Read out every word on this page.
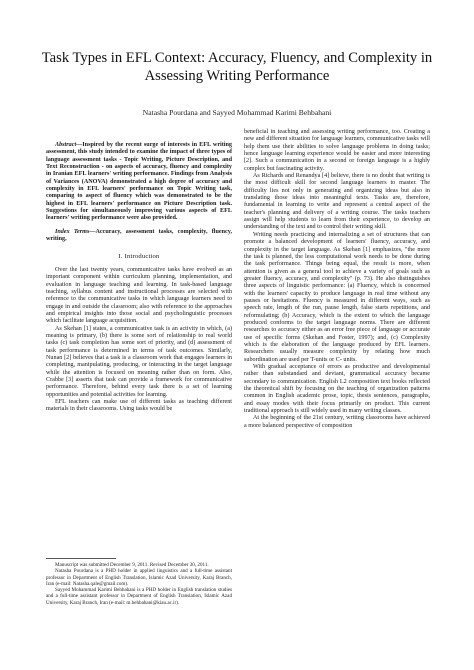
Task Types in EFL Context: Accuracy, Fluency, and Complexity in Assessing Writing Performance
Natasha Pourdana and Sayyed Mohammad Karimi Behbahani

Abstract—Inspired by the recent surge of interests in EFL writing assessment, this study intended to examine the impact of three types of language assessment tasks - Topic Writing, Picture Description, and Text Reconstruction - on aspects of accuracy, fluency and complexity in Iranian EFL learners' writing performance. Findings from Analysis of Variances (ANOVA) demonstrated a high degree of accuracy and complexity in EFL learners' performance on Topic Writing task, comparing to aspect of fluency which was demonstrated to be the highest in EFL learners' performance on Picture Description task. Suggestions for simultaneously improving various aspects of EFL learners' writing performance were also provided.

Index Terms—Accuracy, assessment tasks, complexity, fluency, writing,

I. Introduction

Over the last twenty years, communicative tasks have evolved as an important component within curriculum planning, implementation, and evaluation in language teaching and learning. In task-based language teaching, syllabus content and instructional processes are selected with reference to the communicative tasks in which language learners need to engage in and outside the classroom; also with reference to the approaches and empirical insights into those social and psycholinguistic processes which facilitate language acquisition.

As Skehan [1] states, a communicative task is an activity in which, (a) meaning is primary, (b) there is some sort of relationship to real world tasks (c) task completion has some sort of priority, and (d) assessment of task performance is determined in terms of task outcomes. Similarly, Nunan [2] believes that a task is a classroom work that engages learners in completing, manipulating, producing, or interacting in the target language while the attention is focused on meaning rather than on form. Also, Crabbe [3] asserts that task can provide a framework for communicative performance. Therefore, behind every task there is a set of learning opportunities and potential activities for learning.

EFL teachers can make use of different tasks as teaching different materials in their classrooms. Using tasks would be

Manuscript was submitted December 9, 2011. Revised December 30, 2011.

Natasha Pourdana is a PHD holder in applied linguistics and a full-time assistant professor in Department of English Translation, Islamic Azad University, Karaj Branch, Iran (e-mail: Natasha.qale@gmail.com).

Sayyed Mohammad Karimi Behbahani is a PHD holder in English translation studies and a full-time assistant professor in Department of English Translation, Islamic Azad University, Karaj Branch, Iran (e-mail: m.behbahani@kiau.ac.ir).

beneficial in teaching and assessing writing performance, too. Creating a new and different situation for language learners, communicative tasks will help them use their abilities to solve language problems in doing tasks; hence language learning experience would be easier and more interesting [2]. Such a communication in a second or foreign language is a highly complex but fascinating activity.

As Richards and Renandya [4] believe, there is no doubt that writing is the most difficult skill for second language learners to master. The difficulty lies not only in generating and organizing ideas but also in translating those ideas into meaningful texts. Tasks are, therefore, fundamental in learning to write and represent a central aspect of the teacher's planning and delivery of a writing course. The tasks teachers assign will help students to learn from their experience, to develop an understanding of the text and to control their writing skill.

Writing needs practicing and internalizing a set of structures that can promote a balanced development of learners' fluency, accuracy, and complexity in the target language. As Skehan [1] emphasizes, "the more the task is planned, the less computational work needs to be done during the task performance. Things being equal, the result is more, when attention is given as a general tool to achieve a variety of goals such as greater fluency, accuracy, and complexity" (p. 73). He also distinguishes three aspects of linguistic performance: (a) Fluency, which is concerned with the learners' capacity to produce language in real time without any pauses or hesitations. Fluency is measured in different ways, such as speech rate, length of the run, pause length, false starts repetitions, and reformulating; (b) Accuracy, which is the extent to which the language produced conforms to the target language norms. There are different researches to accuracy either as an error free piece of language or accurate use of specific forms (Skehan and Foster, 1997); and, (c) Complexity which is the elaboration of the language produced by EFL learners. Researchers usually measure complexity by relating how much subordination are used per T-units or C- units.

With gradual acceptance of errors as productive and developmental rather than substandard and deviant, grammatical accuracy became secondary to communication. English L2 composition text books reflected the theoretical shift by focusing on the teaching of organization patterns common in English academic prose, topic, thesis sentences, paragraphs, and essay modes with their focus primarily on product. This current traditional approach is still widely used in many writing classes.

At the beginning of the 21st century, writing classrooms have achieved a more balanced perspective of composition
